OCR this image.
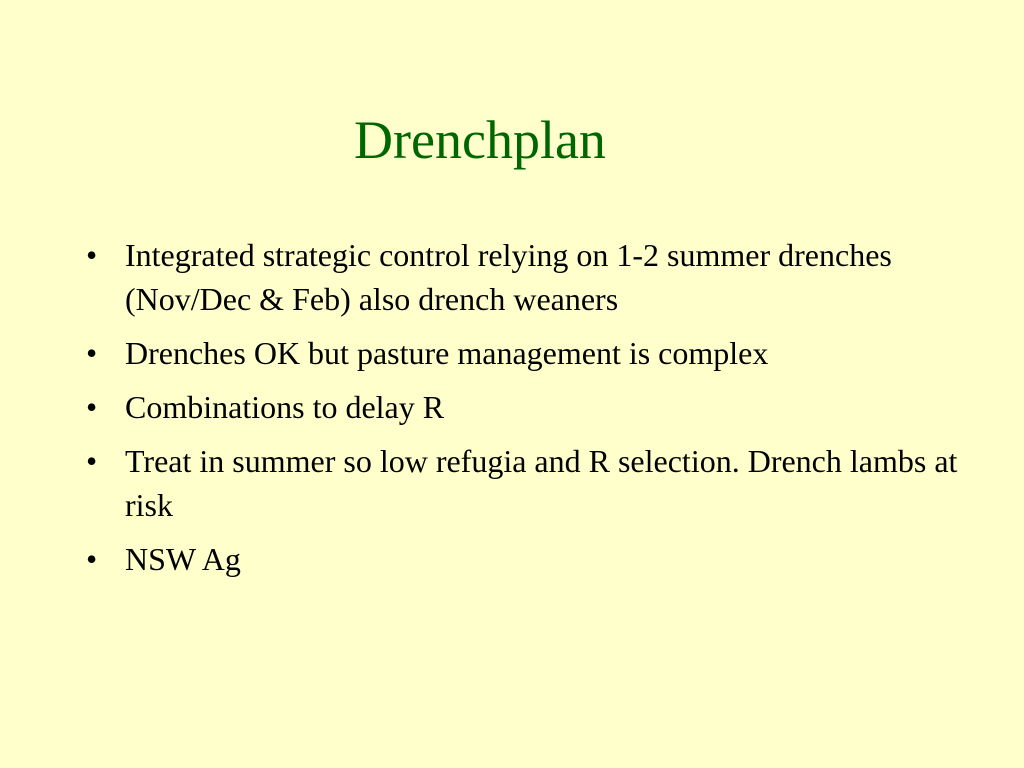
Drenchplan
• Integrated strategic control relying on 1-2 summer drenches (Nov/Dec & Feb) also drench weaners
• Drenches OK but pasture management is complex
• Combinations to delay R
• Treat in summer so low refugia and R selection. Drench lambs at risk
• NSW Ag
